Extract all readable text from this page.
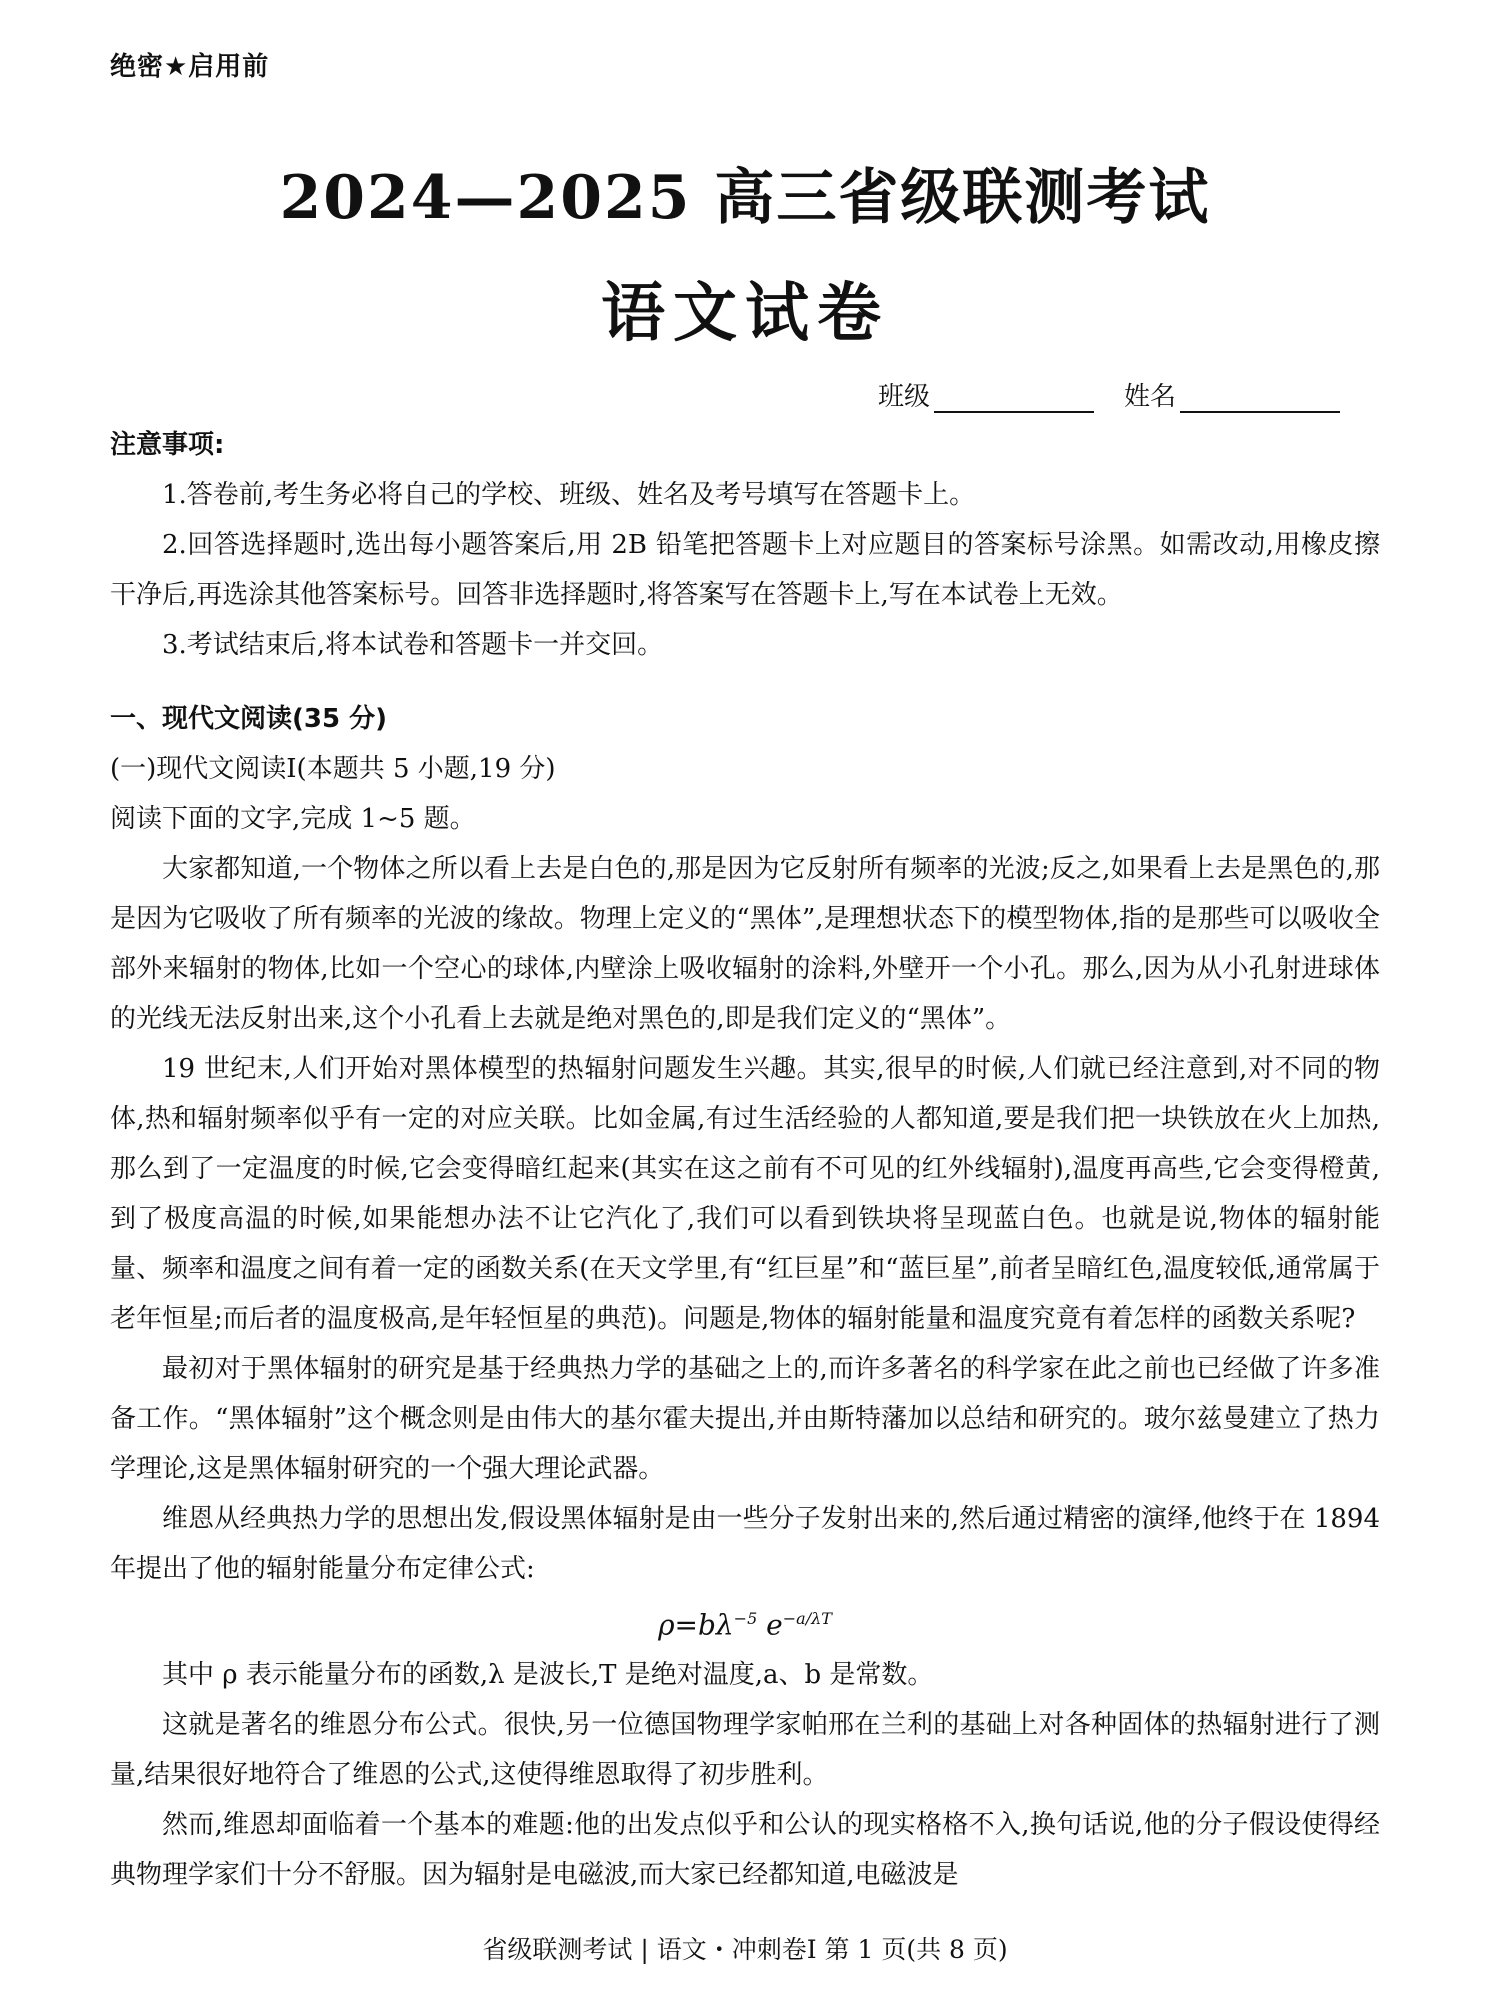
绝密★启用前
2024—2025 高三省级联测考试
语文试卷
班级	姓名
注意事项:

1.答卷前,考生务必将自己的学校、班级、姓名及考号填写在答题卡上。

2.回答选择题时,选出每小题答案后,用 2B 铅笔把答题卡上对应题目的答案标号涂黑。如需改动,用橡皮擦干净后,再选涂其他答案标号。回答非选择题时,将答案写在答题卡上,写在本试卷上无效。

3.考试结束后,将本试卷和答题卡一并交回。

一、现代文阅读(35 分)

(一)现代文阅读Ⅰ(本题共 5 小题,19 分)

阅读下面的文字,完成 1~5 题。

大家都知道,一个物体之所以看上去是白色的,那是因为它反射所有频率的光波;反之,如果看上去是黑色的,那是因为它吸收了所有频率的光波的缘故。物理上定义的“黑体”,是理想状态下的模型物体,指的是那些可以吸收全部外来辐射的物体,比如一个空心的球体,内壁涂上吸收辐射的涂料,外壁开一个小孔。那么,因为从小孔射进球体的光线无法反射出来,这个小孔看上去就是绝对黑色的,即是我们定义的“黑体”。

19 世纪末,人们开始对黑体模型的热辐射问题发生兴趣。其实,很早的时候,人们就已经注意到,对不同的物体,热和辐射频率似乎有一定的对应关联。比如金属,有过生活经验的人都知道,要是我们把一块铁放在火上加热,那么到了一定温度的时候,它会变得暗红起来(其实在这之前有不可见的红外线辐射),温度再高些,它会变得橙黄,到了极度高温的时候,如果能想办法不让它汽化了,我们可以看到铁块将呈现蓝白色。也就是说,物体的辐射能量、频率和温度之间有着一定的函数关系(在天文学里,有“红巨星”和“蓝巨星”,前者呈暗红色,温度较低,通常属于老年恒星;而后者的温度极高,是年轻恒星的典范)。问题是,物体的辐射能量和温度究竟有着怎样的函数关系呢?

最初对于黑体辐射的研究是基于经典热力学的基础之上的,而许多著名的科学家在此之前也已经做了许多准备工作。“黑体辐射”这个概念则是由伟大的基尔霍夫提出,并由斯特藩加以总结和研究的。玻尔兹曼建立了热力学理论,这是黑体辐射研究的一个强大理论武器。

维恩从经典热力学的思想出发,假设黑体辐射是由一些分子发射出来的,然后通过精密的演绎,他终于在 1894 年提出了他的辐射能量分布定律公式:

$\rho=b\lambda^{-5}$ $e^{-a/\lambda T}$

其中 ρ 表示能量分布的函数,λ 是波长,T 是绝对温度,a、b 是常数。

这就是著名的维恩分布公式。很快,另一位德国物理学家帕邢在兰利的基础上对各种固体的热辐射进行了测量,结果很好地符合了维恩的公式,这使得维恩取得了初步胜利。

然而,维恩却面临着一个基本的难题:他的出发点似乎和公认的现实格格不入,换句话说,他的分子假设使得经典物理学家们十分不舒服。因为辐射是电磁波,而大家已经都知道,电磁波是

省级联测考试 | 语文・冲刺卷Ⅰ 第 1 页(共 8 页)
